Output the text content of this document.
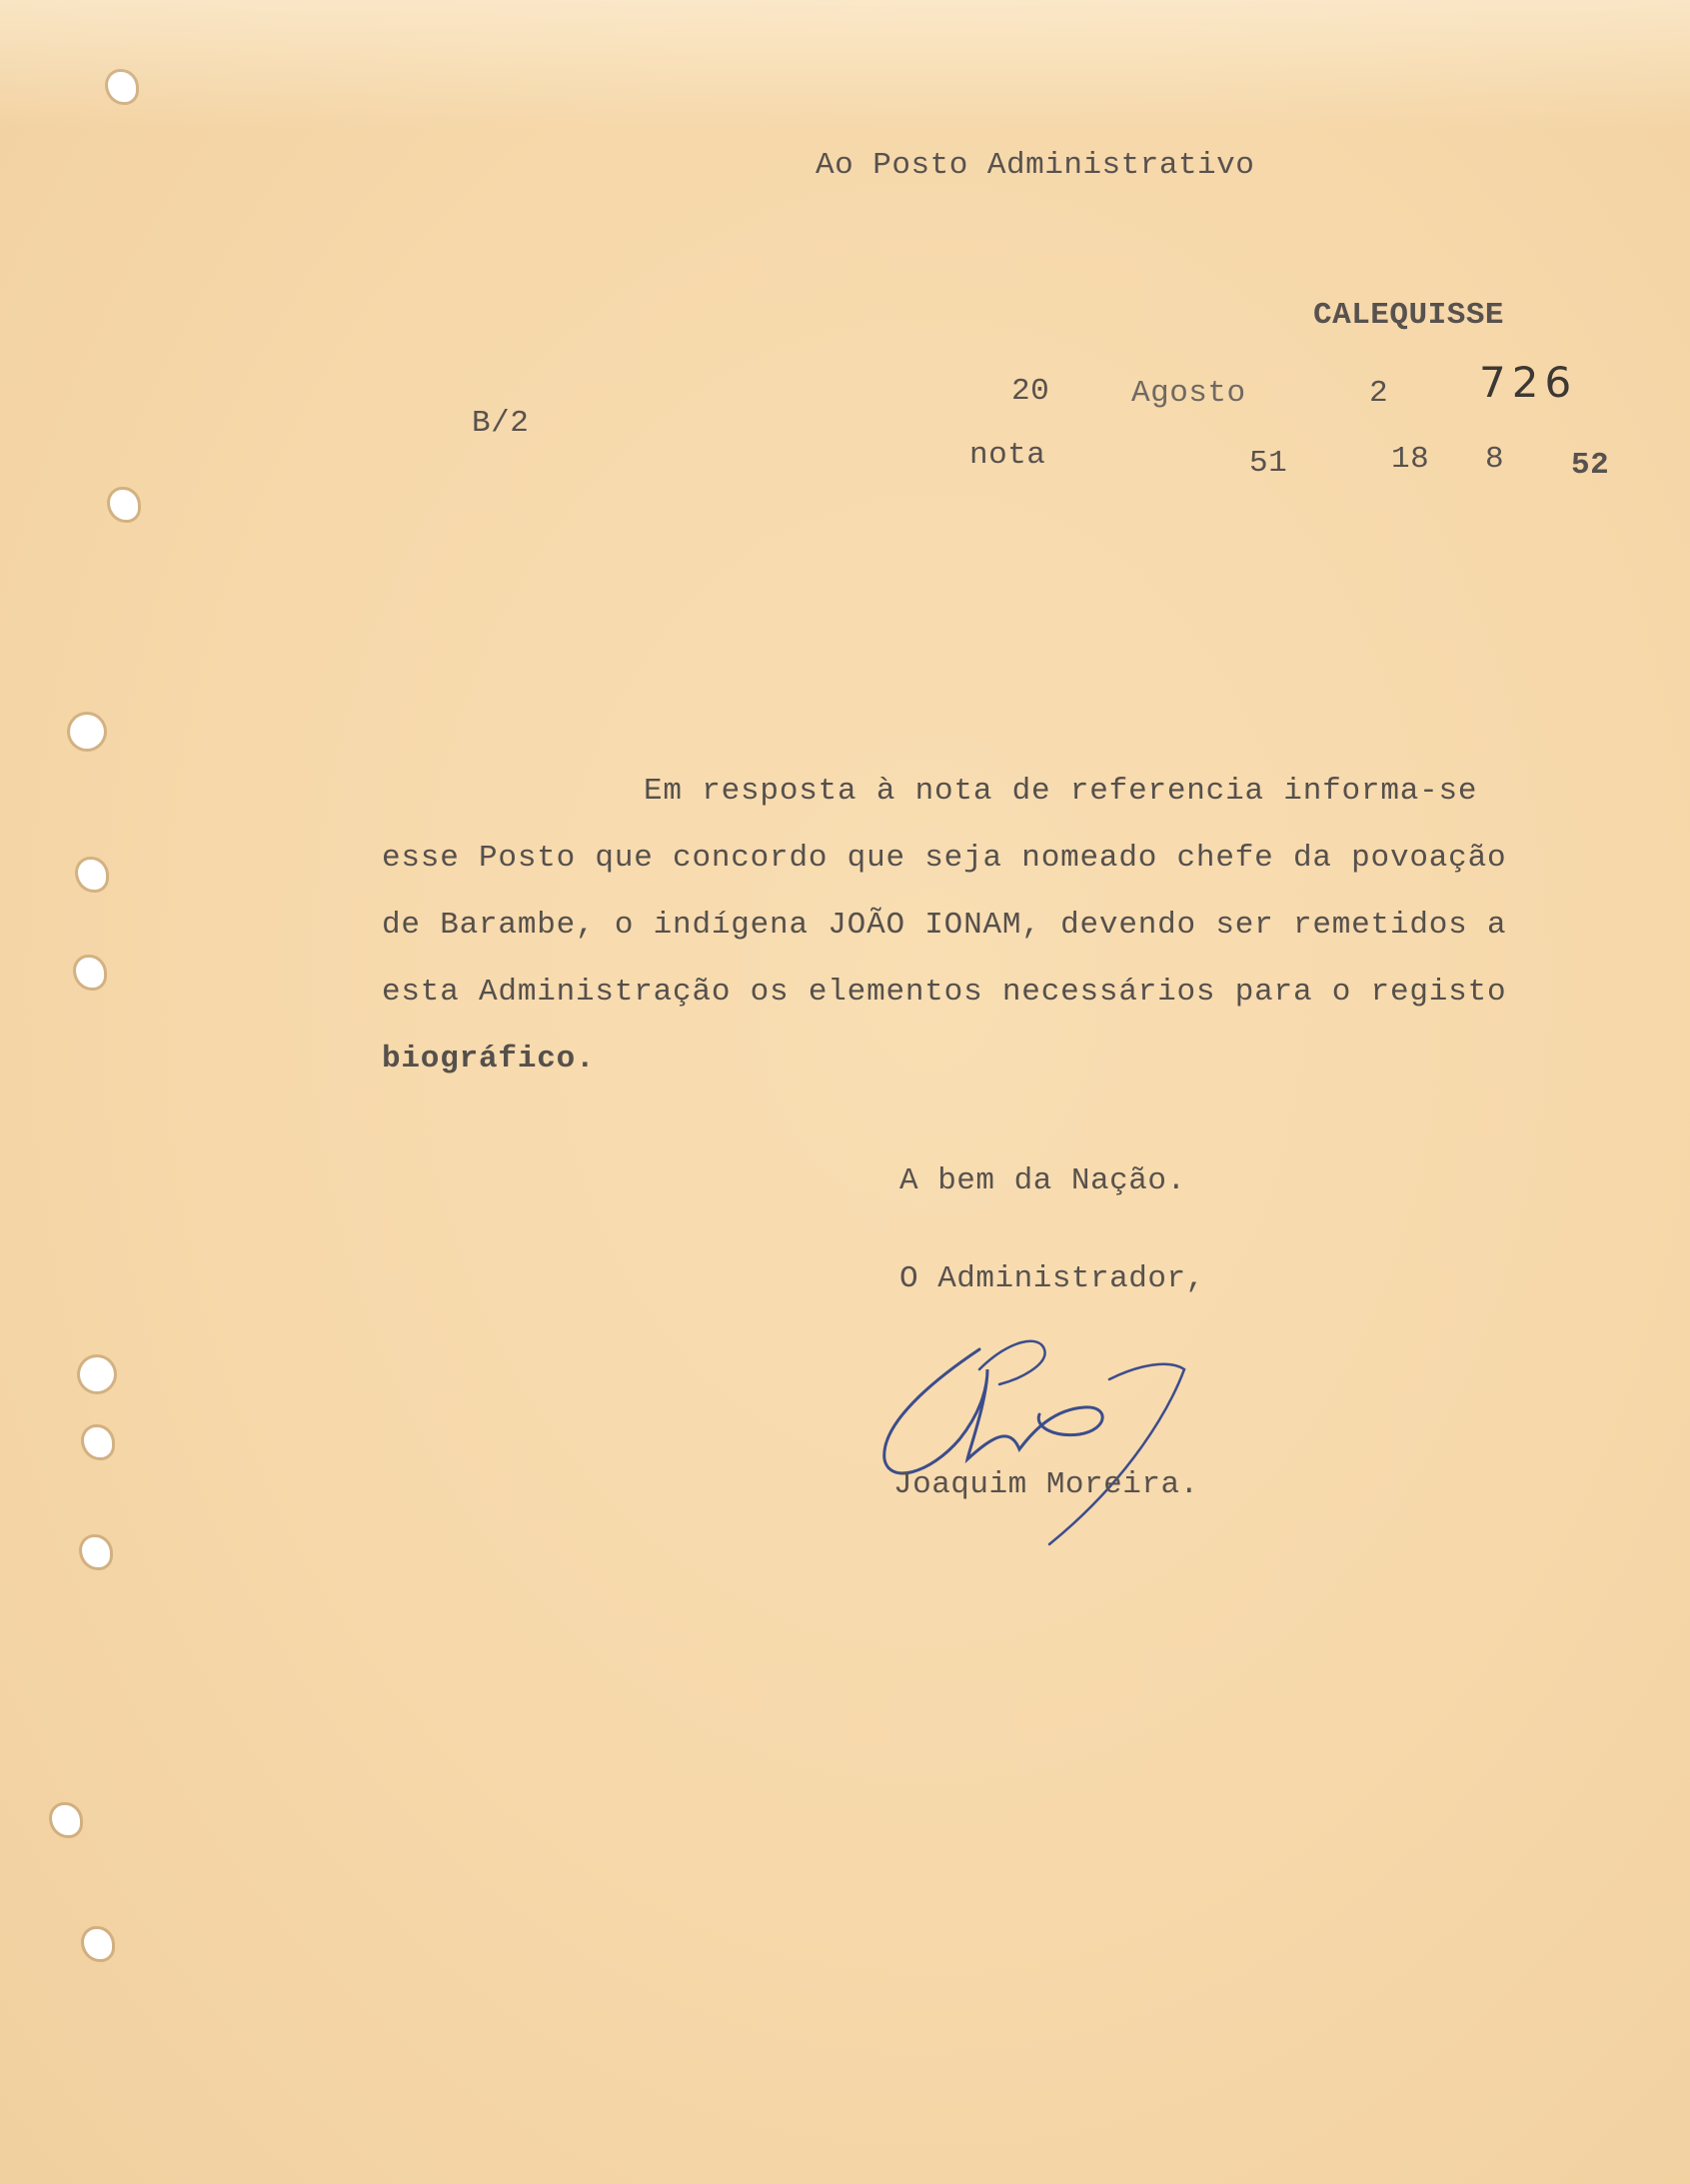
Ao Posto Administrativo
CALEQUISSE
B/2
726
20	Agosto	2
nota	51	18 8 52
Em resposta à nota de referencia informa-se
esse Posto que concordo que seja nomeado chefe da povoação
de Barambe, o indígena JOÃO IONAM, devendo ser remetidos a
esta Administração os elementos necessários para o registo
biográfico.
A bem da Nação.
O Administrador,
Joaquim Moreira.
